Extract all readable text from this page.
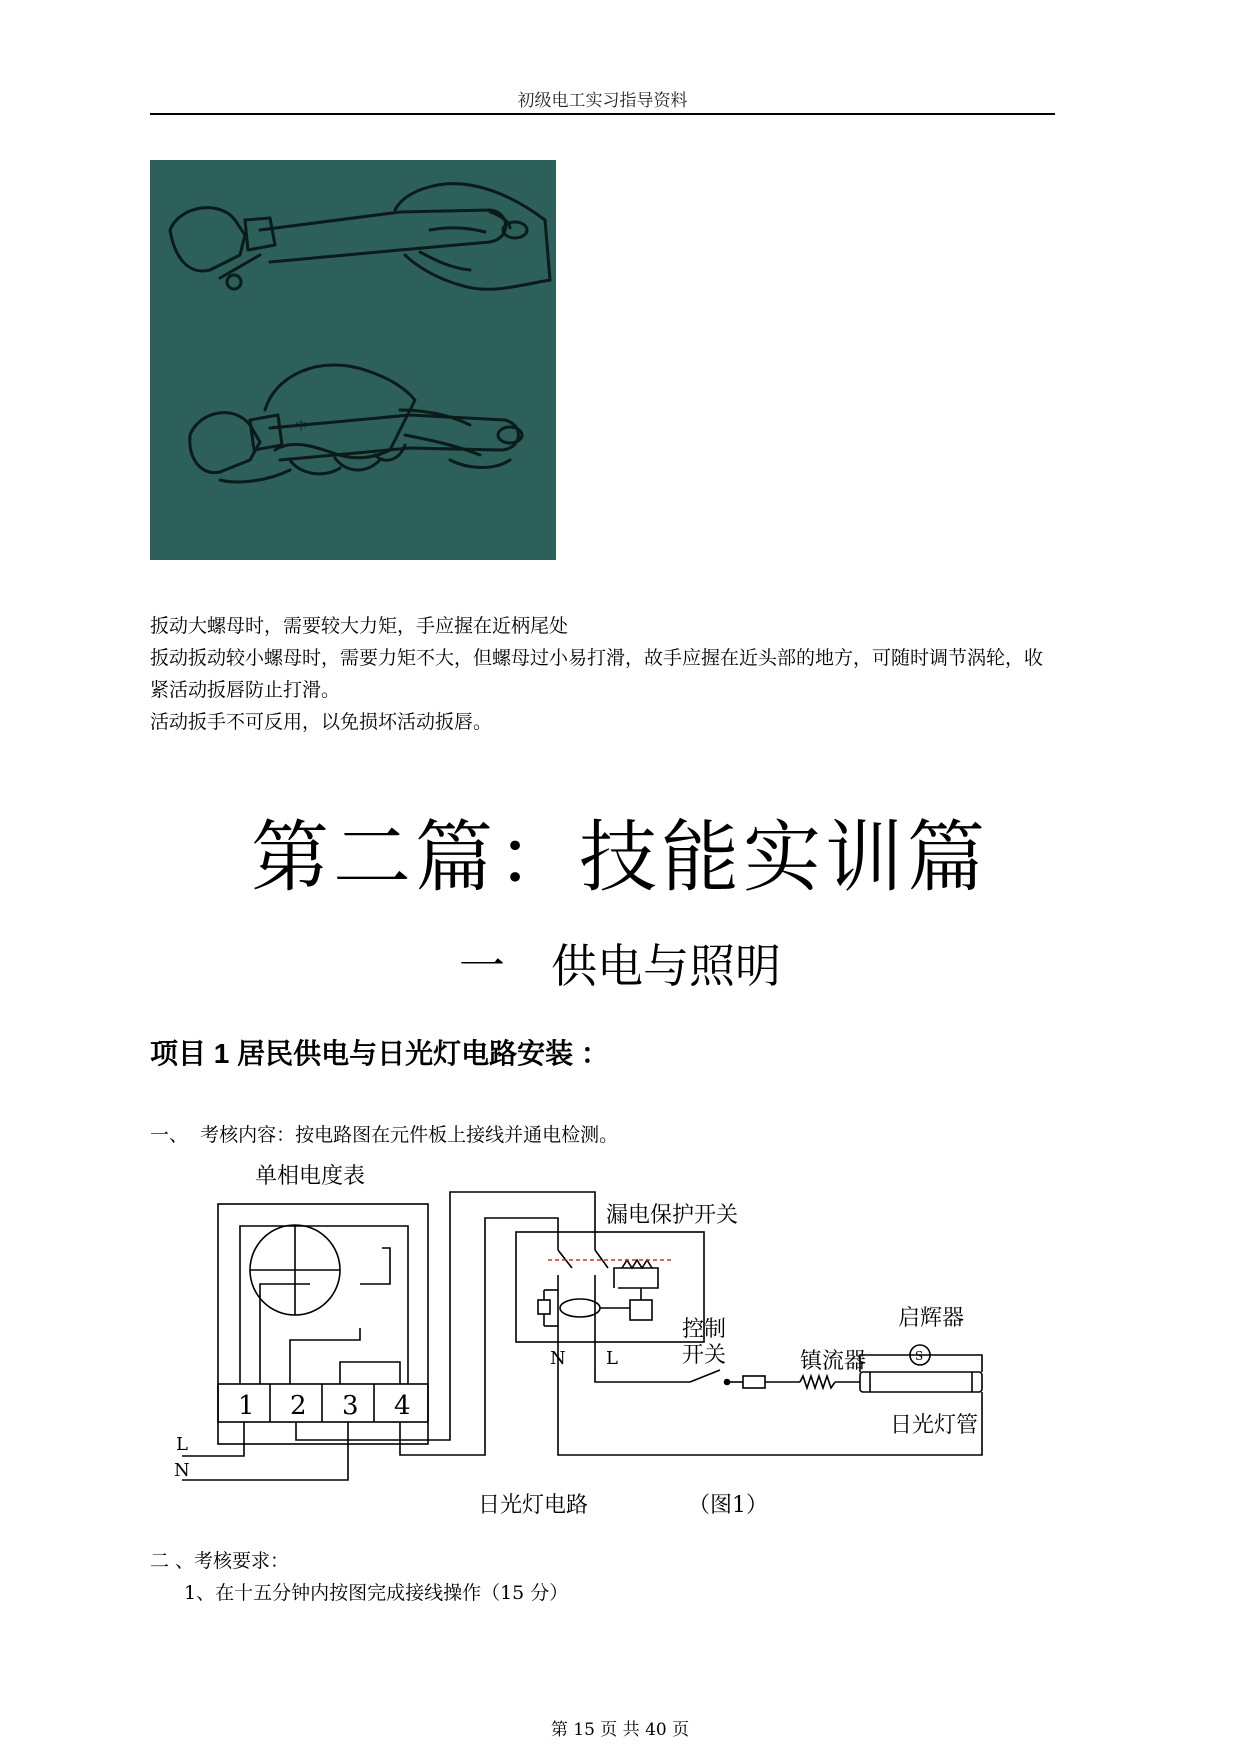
初级电工实习指导资料
中
扳动大螺母时，需要较大力矩，手应握在近柄尾处
扳动扳动较小螺母时，需要力矩不大，但螺母过小易打滑，故手应握在近头部的地方，可随时调节涡轮，收紧活动扳唇防止打滑。
活动扳手不可反用，以免损坏活动扳唇。
第二篇：技能实训篇
一　供电与照明
项目 1 居民供电与日光灯电路安装 ：
一、  考核内容：按电路图在元件板上接线并通电检测。
单相电度表
漏电保护开关
控制
开关
启辉器
镇流器
日光灯管
1 2 3 4
L
N
N L	S
日光灯电路	（图1）
二 、考核要求：
1、在十五分钟内按图完成接线操作（15 分）
第 15 页 共 40 页
